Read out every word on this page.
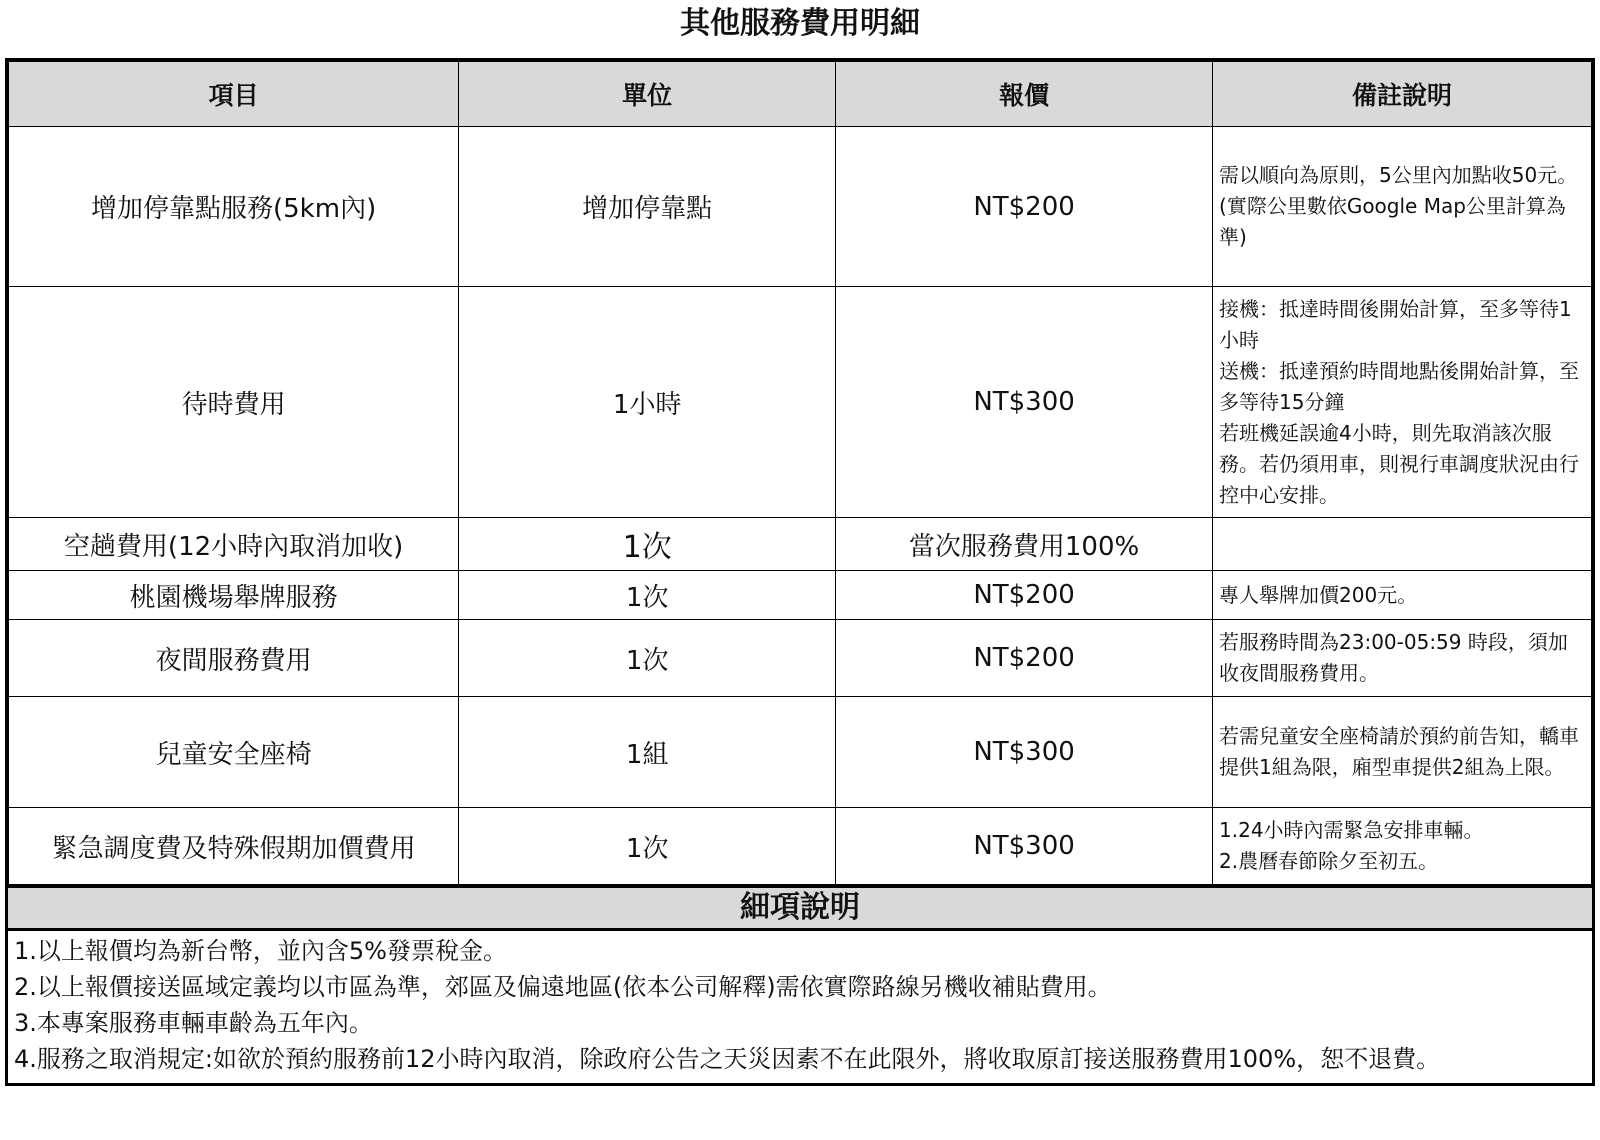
其他服務費用明細
項目	單位	報價	備註說明
增加停靠點服務(5km內)	增加停靠點	NT$200	需以順向為原則，5公里內加點收50元。
(實際公里數依Google Map公里計算為準)

待時費用	1小時	NT$300	接機：抵達時間後開始計算，至多等待1小時
送機：抵達預約時間地點後開始計算，至多等待15分鐘
若班機延誤逾4小時，則先取消該次服務。若仍須用車，則視行車調度狀況由行控中心安排。

空趟費用(12小時內取消加收)	1次	當次服務費用100%	
桃園機場舉牌服務	1次	NT$200	專人舉牌加價200元。

夜間服務費用	1次	NT$200	若服務時間為23:00-05:59 時段，須加收夜間服務費用。

兒童安全座椅	1組	NT$300	若需兒童安全座椅請於預約前告知，轎車提供1組為限，廂型車提供2組為上限。

緊急調度費及特殊假期加價費用	1次	NT$300	1.24小時內需緊急安排車輛。
2.農曆春節除夕至初五。
細項說明
1.以上報價均為新台幣，並內含5%發票稅金。
2.以上報價接送區域定義均以市區為準，郊區及偏遠地區(依本公司解釋)需依實際路線另機收補貼費用。
3.本專案服務車輛車齡為五年內。
4.服務之取消規定:如欲於預約服務前12小時內取消，除政府公告之天災因素不在此限外，將收取原訂接送服務費用100%，恕不退費。
